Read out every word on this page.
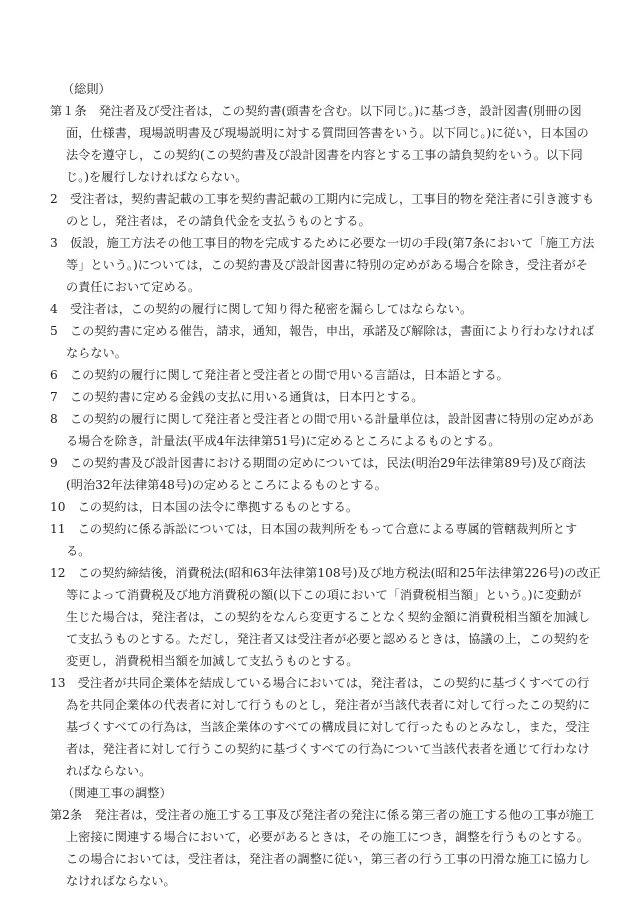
（総則）
第１条　発注者及び受注者は，この契約書(頭書を含む。以下同じ。)に基づき，設計図書(別冊の図
面，仕様書，現場説明書及び現場説明に対する質問回答書をいう。以下同じ。)に従い，日本国の
法令を遵守し，この契約(この契約書及び設計図書を内容とする工事の請負契約をいう。以下同
じ。)を履行しなければならない。
2　受注者は，契約書記載の工事を契約書記載の工期内に完成し，工事目的物を発注者に引き渡すも
のとし，発注者は，その請負代金を支払うものとする。
3　仮設，施工方法その他工事目的物を完成するために必要な一切の手段(第7条において「施工方法
等」という。)については，この契約書及び設計図書に特別の定めがある場合を除き，受注者がそ
の責任において定める。
4　受注者は，この契約の履行に関して知り得た秘密を漏らしてはならない。
5　この契約書に定める催告，請求，通知，報告，申出，承諾及び解除は，書面により行わなければ
ならない。
6　この契約の履行に関して発注者と受注者との間で用いる言語は，日本語とする。
7　この契約書に定める金銭の支払に用いる通貨は，日本円とする。
8　この契約の履行に関して発注者と受注者との間で用いる計量単位は，設計図書に特別の定めがあ
る場合を除き，計量法(平成4年法律第51号)に定めるところによるものとする。
9　この契約書及び設計図書における期間の定めについては，民法(明治29年法律第89号)及び商法
(明治32年法律第48号)の定めるところによるものとする。
10　この契約は，日本国の法令に準拠するものとする。
11　この契約に係る訴訟については，日本国の裁判所をもって合意による専属的管轄裁判所とす
る。
12　この契約締結後，消費税法(昭和63年法律第108号)及び地方税法(昭和25年法律第226号)の改正
等によって消費税及び地方消費税の額(以下この項において「消費税相当額」という。)に変動が
生じた場合は，発注者は，この契約をなんら変更することなく契約金額に消費税相当額を加減し
て支払うものとする。ただし，発注者又は受注者が必要と認めるときは，協議の上，この契約を
変更し，消費税相当額を加減して支払うものとする。
13　受注者が共同企業体を結成している場合においては，発注者は，この契約に基づくすべての行
為を共同企業体の代表者に対して行うものとし，発注者が当該代表者に対して行ったこの契約に
基づくすべての行為は，当該企業体のすべての構成員に対して行ったものとみなし，また，受注
者は，発注者に対して行うこの契約に基づくすべての行為について当該代表者を通じて行わなけ
ればならない。
（関連工事の調整）
第2条　発注者は，受注者の施工する工事及び発注者の発注に係る第三者の施工する他の工事が施工
上密接に関連する場合において，必要があるときは，その施工につき，調整を行うものとする。
この場合においては，受注者は，発注者の調整に従い，第三者の行う工事の円滑な施工に協力し
なければならない。
